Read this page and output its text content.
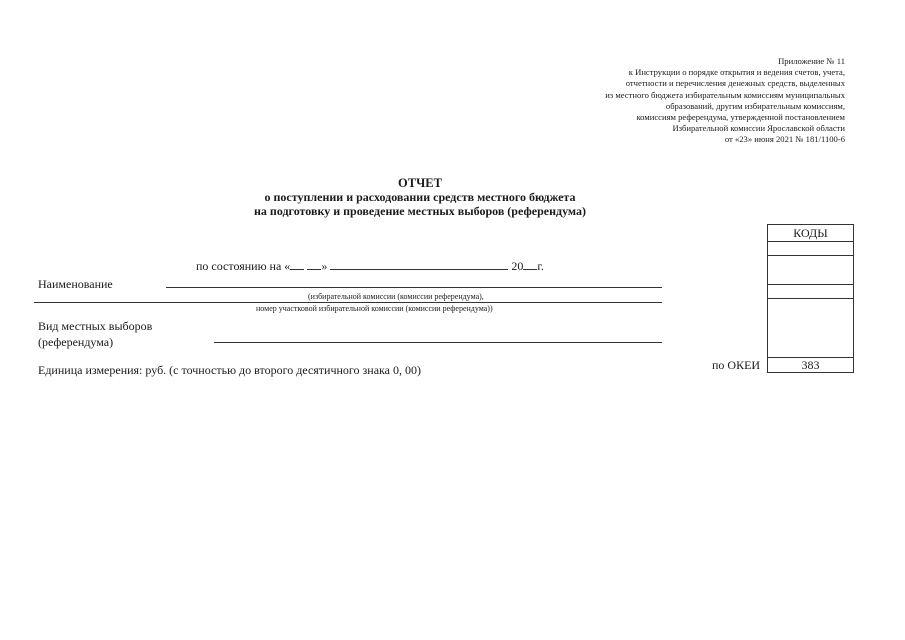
Приложение № 11
к Инструкции о порядке открытия и ведения счетов, учета,
отчетности и перечисления денежных средств, выделенных
из местного бюджета избирательным комиссиям муниципальных
образований, другим избирательным комиссиям,
комиссиям референдума, утвержденной постановлением
Избирательной комиссии Ярославской области
от «23» июня 2021 № 181/1100-6
ОТЧЕТ
о поступлении и расходовании средств местного бюджета
на подготовку и проведение местных выборов (референдума)
по состоянию на «	»	20 г.
Наименование
(избирательной комиссии (комиссии референдума),
номер участковой избирательной комиссии (комиссии референдума))
Вид местных выборов
(референдума)
Единица измерения: руб. (с точностью до второго десятичного знака 0, 00)
КОДЫ
по ОКЕИ	383
